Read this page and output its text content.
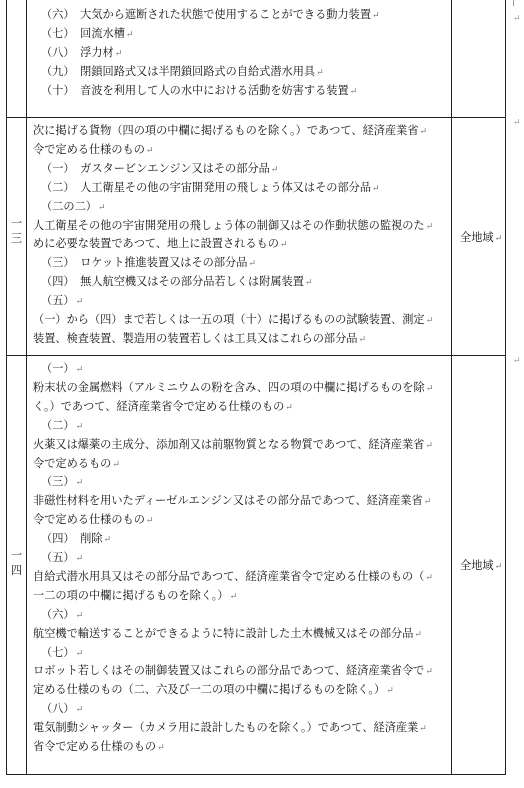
（六）　大気から遮断された状態で使用することができる動力装置↵
（七）　回流水槽↵
（八）　浮力材↵
（九）　閉鎖回路式又は半閉鎖回路式の自給式潜水用具↵
（十）　音波を利用して人の水中における活動を妨害する装置↵
一
三
次に掲げる貨物（四の項の中欄に掲げるものを除く。）であつて、経済産業省↵
令で定める仕様のもの↵
（一）　ガスタービンエンジン又はその部分品↵
（二）　人工衛星その他の宇宙開発用の飛しょう体又はその部分品↵
（二の二）↵
人工衛星その他の宇宙開発用の飛しょう体の制御又はその作動状態の監視のた↵
めに必要な装置であつて、地上に設置されるもの↵
（三）　ロケット推進装置又はその部分品↵
（四）　無人航空機又はその部分品若しくは附属装置↵
（五）↵
（一）から（四）まで若しくは一五の項（十）に掲げるものの試験装置、測定↵
装置、検査装置、製造用の装置若しくは工具又はこれらの部分品↵
全地域↵
一
四
（一）↵
粉末状の金属燃料（アルミニウムの粉を含み、四の項の中欄に掲げるものを除↵
く。）であつて、経済産業省令で定める仕様のもの↵
（二）↵
火薬又は爆薬の主成分、添加剤又は前駆物質となる物質であつて、経済産業省↵
令で定めるもの↵
（三）↵
非磁性材料を用いたディーゼルエンジン又はその部分品であつて、経済産業省↵
令で定める仕様のもの↵
（四）　削除↵
（五）↵
自給式潜水用具又はその部分品であつて、経済産業省令で定める仕様のもの（↵
一二の項の中欄に掲げるものを除く。）↵
（六）↵
航空機で輸送することができるように特に設計した土木機械又はその部分品↵
（七）↵
ロボット若しくはその制御装置又はこれらの部分品であつて、経済産業省令で↵
定める仕様のもの（二、六及び一二の項の中欄に掲げるものを除く。）↵
（八）↵
電気制動シャッター（カメラ用に設計したものを除く。）であつて、経済産業↵
省令で定める仕様のもの↵
全地域↵
↵
↵
↵
